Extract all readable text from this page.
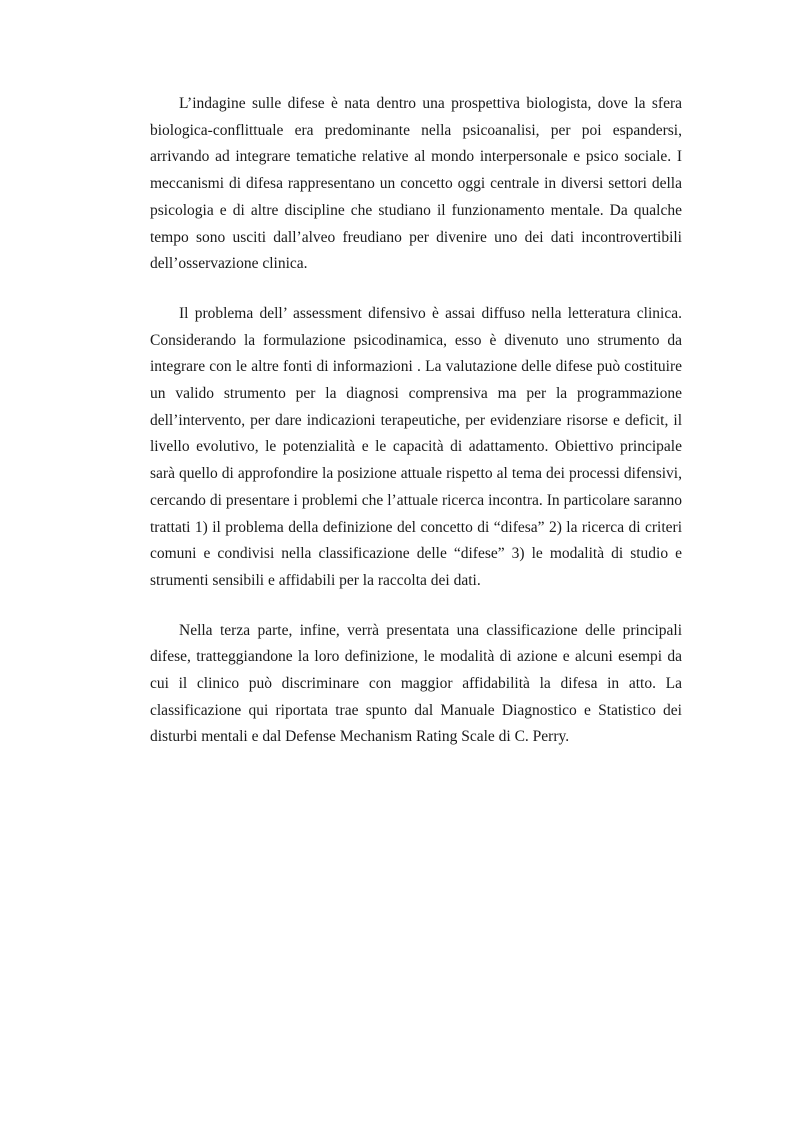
L’indagine sulle difese è nata dentro una prospettiva biologista, dove la sfera biologica-conflittuale era predominante nella psicoanalisi, per poi espandersi, arrivando ad integrare tematiche relative al mondo interpersonale e psico sociale. I meccanismi di difesa rappresentano un concetto oggi centrale in diversi settori della psicologia e di altre discipline che studiano il funzionamento mentale. Da qualche tempo sono usciti dall’alveo freudiano per divenire uno dei dati incontrovertibili dell’osservazione clinica.

Il problema dell’ assessment difensivo è assai diffuso nella letteratura clinica. Considerando la formulazione psicodinamica, esso è divenuto uno strumento da integrare con le altre fonti di informazioni . La valutazione delle difese può costituire un valido strumento per la diagnosi comprensiva ma per la programmazione dell’intervento, per dare indicazioni terapeutiche, per evidenziare risorse e deficit, il livello evolutivo, le potenzialità e le capacità di adattamento. Obiettivo principale sarà quello di approfondire la posizione attuale rispetto al tema dei processi difensivi, cercando di presentare i problemi che l’attuale ricerca incontra. In particolare saranno trattati 1) il problema della definizione del concetto di “difesa” 2) la ricerca di criteri comuni e condivisi nella classificazione delle “difese” 3) le modalità di studio e strumenti sensibili e affidabili per la raccolta dei dati.

Nella terza parte, infine, verrà presentata una classificazione delle principali difese, tratteggiandone la loro definizione, le modalità di azione e alcuni esempi da cui il clinico può discriminare con maggior affidabilità la difesa in atto. La classificazione qui riportata trae spunto dal Manuale Diagnostico e Statistico dei disturbi mentali e dal Defense Mechanism Rating Scale di C. Perry.
